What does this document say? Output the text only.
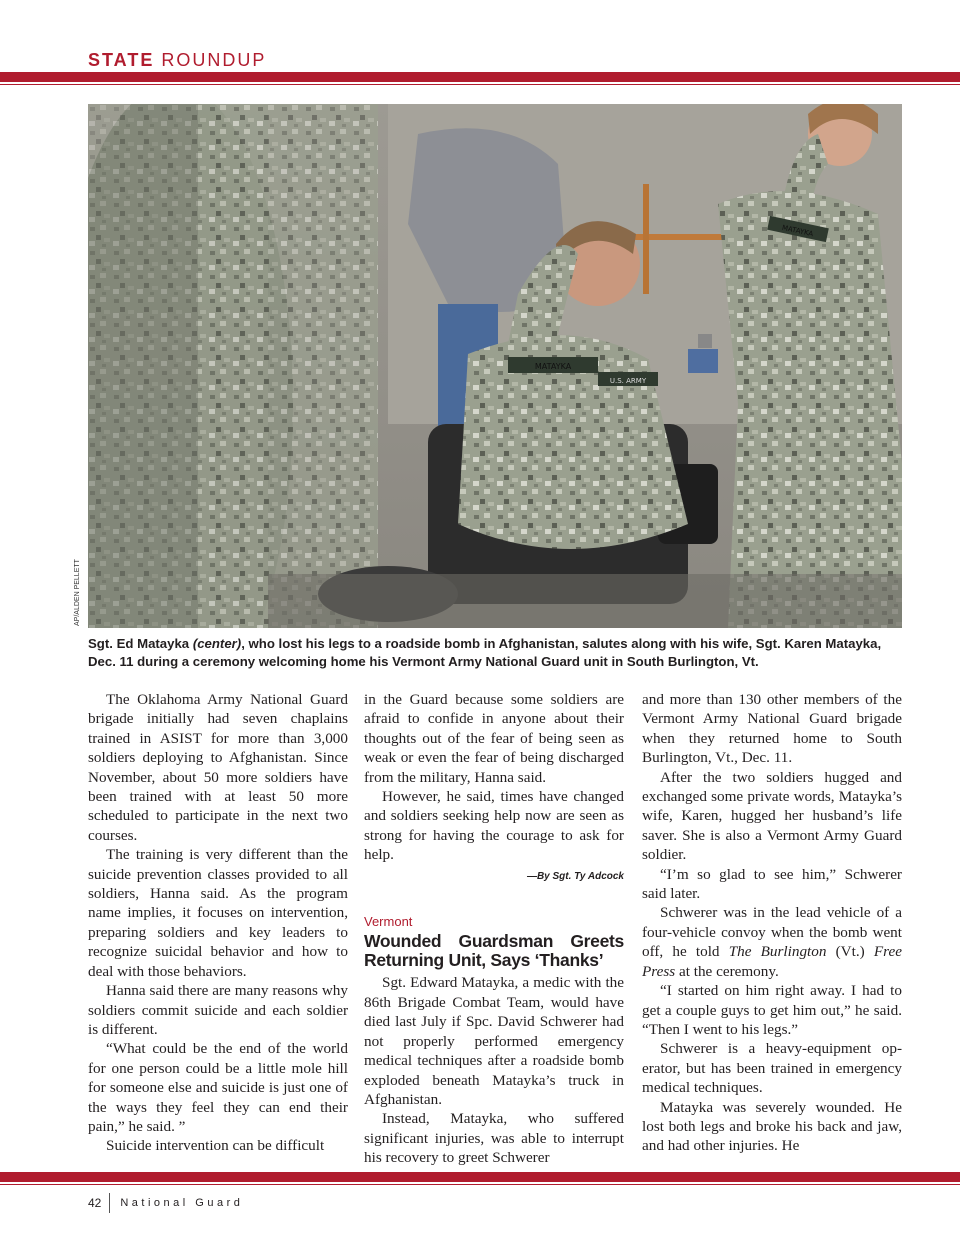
STATE ROUNDUP
MATAYKA
U.S. ARMY
MATAYKA
AP/ALDEN PELLETT
Sgt. Ed Matayka (center), who lost his legs to a roadside bomb in Afghanistan, salutes along with his wife, Sgt. Karen Matayka, Dec. 11 during a ceremony welcoming home his Vermont Army National Guard unit in South Burlington, Vt.

The Oklahoma Army National Guard brigade initially had seven chaplains trained in ASIST for more than 3,000 soldiers deploying to Afghanistan. Since November, about 50 more soldiers have been trained with at least 50 more scheduled to participate in the next two courses.

The training is very different than the suicide prevention classes provided to all soldiers, Hanna said. As the program name implies, it focuses on intervention, preparing soldiers and key leaders to recognize suicidal behavior and how to deal with those behaviors.

Hanna said there are many reasons why soldiers commit suicide and each soldier is different.

“What could be the end of the world for one person could be a little mole hill for someone else and suicide is just one of the ways they feel they can end their pain,” he said. ”

Suicide intervention can be difficult

in the Guard because some soldiers are afraid to confide in anyone about their thoughts out of the fear of being seen as weak or even the fear of being discharged from the military, Hanna said.

However, he said, times have changed and soldiers seeking help now are seen as strong for having the courage to ask for help.

—By Sgt. Ty Adcock
Vermont
Wounded Guardsman Greets Returning Unit, Says ‘Thanks’

Sgt. Edward Matayka, a medic with the 86th Brigade Combat Team, would have died last July if Spc. David Schwerer had not properly performed emergency medical techniques after a roadside bomb exploded beneath Matayka’s truck in Afghanistan.

Instead, Matayka, who suffered significant injuries, was able to interrupt his recovery to greet Schwerer

and more than 130 other members of the Vermont Army National Guard brigade when they returned home to South Burlington, Vt., Dec. 11.

After the two soldiers hugged and exchanged some private words, Matayka’s wife, Karen, hugged her husband’s life saver. She is also a Vermont Army Guard soldier.

“I’m so glad to see him,” Schwerer said later.

Schwerer was in the lead vehicle of a four-vehicle convoy when the bomb went off, he told The Burlington (Vt.) Free Press at the ceremony.

“I started on him right away. I had to get a couple guys to get him out,” he said. “Then I went to his legs.”

Schwerer is a heavy-equipment operator, but has been trained in emergency medical techniques.

Matayka was severely wounded. He lost both legs and broke his back and jaw, and had other injuries. He

42	National Guard
